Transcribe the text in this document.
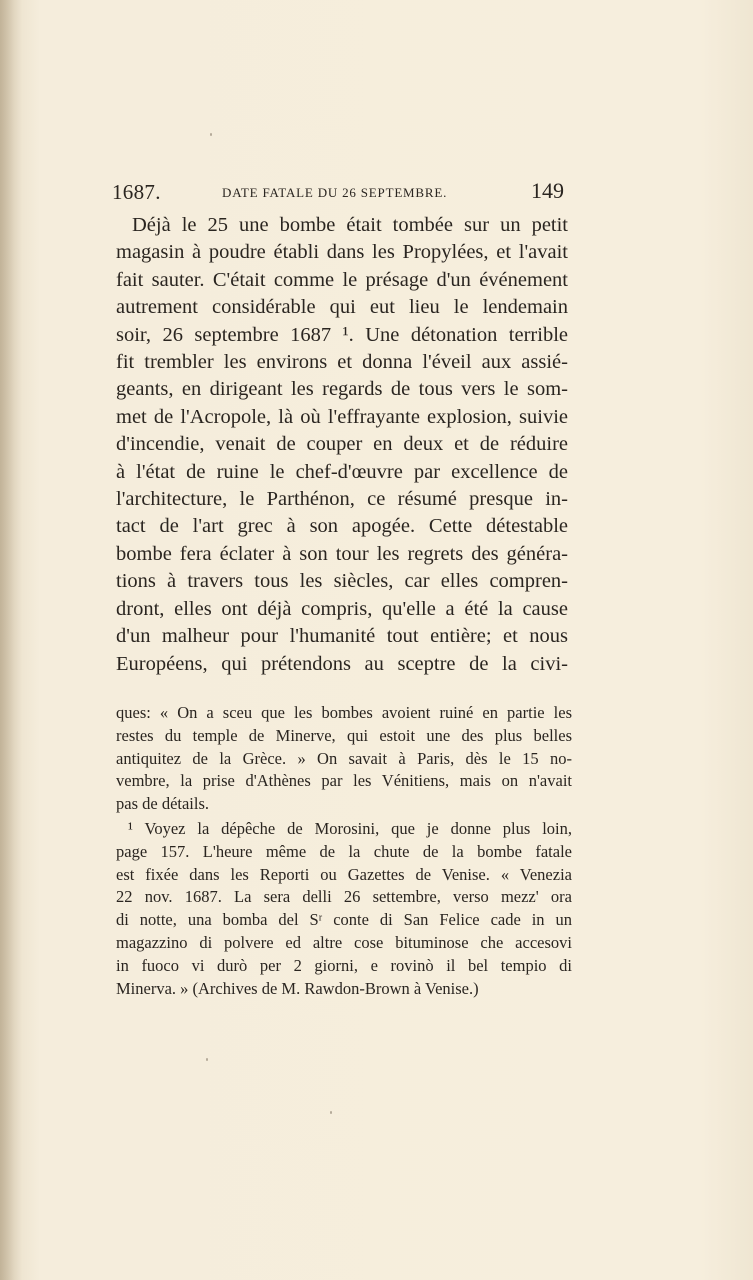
1687.	DATE FATALE DU 26 SEPTEMBRE.	149
Déjà le 25 une bombe était tombée sur un petit
magasin à poudre établi dans les Propylées, et l'avait
fait sauter. C'était comme le présage d'un événement
autrement considérable qui eut lieu le lendemain
soir, 26 septembre 1687 ¹. Une détonation terrible
fit trembler les environs et donna l'éveil aux assié-
geants, en dirigeant les regards de tous vers le som-
met de l'Acropole, là où l'effrayante explosion, suivie
d'incendie, venait de couper en deux et de réduire
à l'état de ruine le chef-d'œuvre par excellence de
l'architecture, le Parthénon, ce résumé presque in-
tact de l'art grec à son apogée. Cette détestable
bombe fera éclater à son tour les regrets des généra-
tions à travers tous les siècles, car elles compren-
dront, elles ont déjà compris, qu'elle a été la cause
d'un malheur pour l'humanité tout entière; et nous
Européens, qui prétendons au sceptre de la civi-
ques: « On a sceu que les bombes avoient ruiné en partie les
restes du temple de Minerve, qui estoit une des plus belles
antiquitez de la Grèce. » On savait à Paris, dès le 15 no-
vembre, la prise d'Athènes par les Vénitiens, mais on n'avait
pas de détails.
¹ Voyez la dépêche de Morosini, que je donne plus loin,
page 157. L'heure même de la chute de la bombe fatale
est fixée dans les Reporti ou Gazettes de Venise. « Venezia
22 nov. 1687. La sera delli 26 settembre, verso mezz' ora
di notte, una bomba del Sʳ conte di San Felice cade in un
magazzino di polvere ed altre cose bituminose che accesovi
in fuoco vi durò per 2 giorni, e rovinò il bel tempio di
Minerva. » (Archives de M. Rawdon-Brown à Venise.)
